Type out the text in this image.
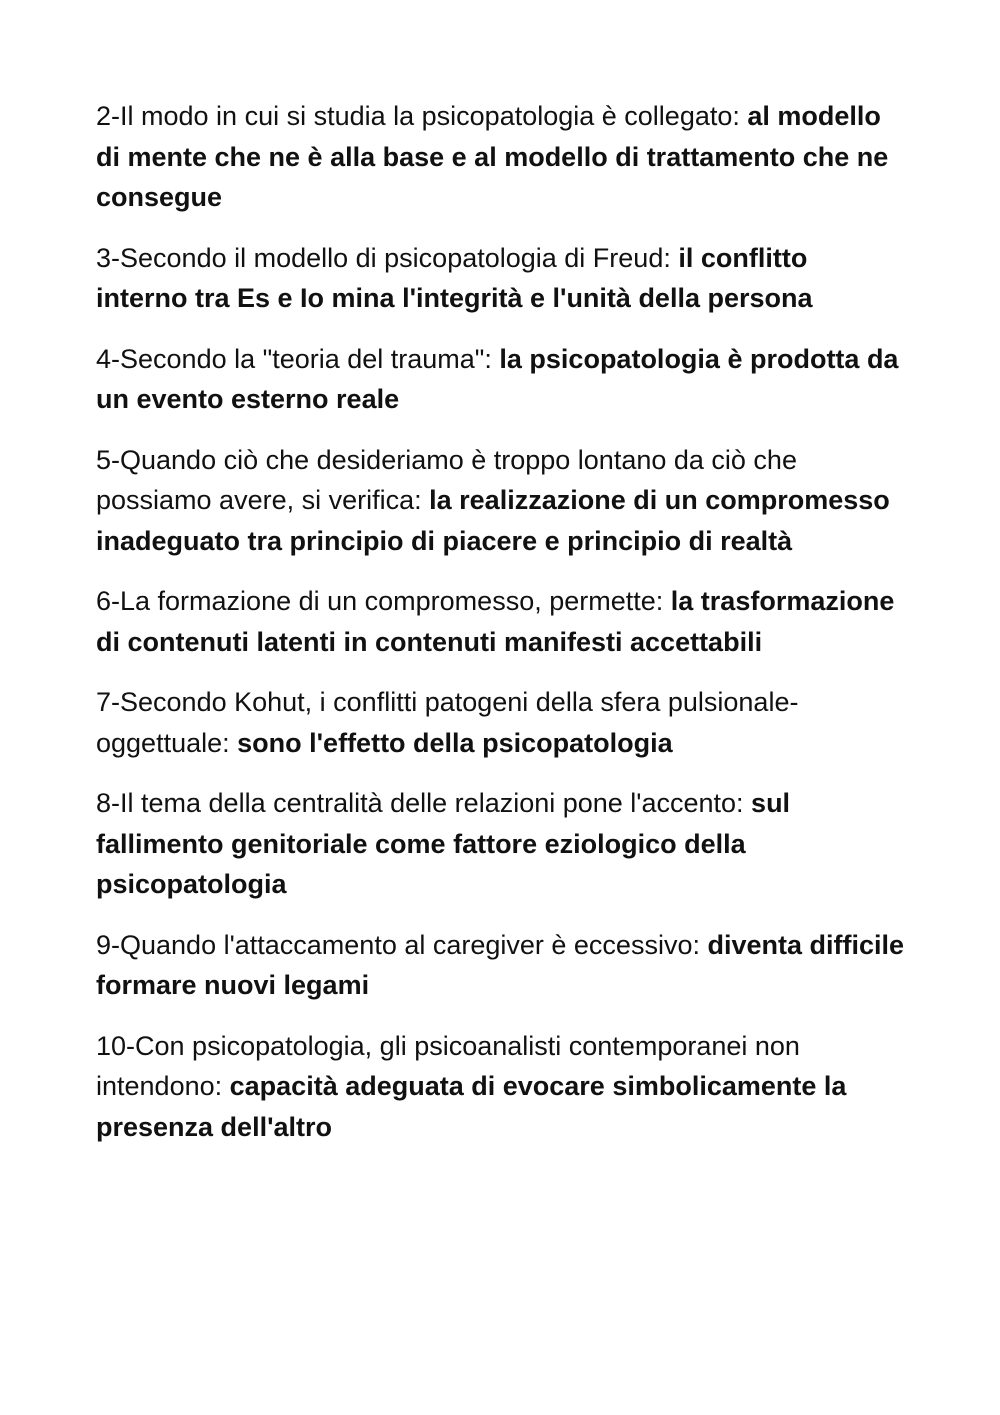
2-Il modo in cui si studia la psicopatologia è collegato: al modello di mente che ne è alla base e al modello di trattamento che ne consegue

3-Secondo il modello di psicopatologia di Freud: il conflitto interno tra Es e Io mina l'integrità e l'unità della persona

4-Secondo la "teoria del trauma": la psicopatologia è prodotta da un evento esterno reale

5-Quando ciò che desideriamo è troppo lontano da ciò che possiamo avere, si verifica: la realizzazione di un compromesso inadeguato tra principio di piacere e principio di realtà

6-La formazione di un compromesso, permette: la trasformazione di contenuti latenti in contenuti manifesti accettabili

7-Secondo Kohut, i conflitti patogeni della sfera pulsionale-oggettuale: sono l'effetto della psicopatologia

8-Il tema della centralità delle relazioni pone l'accento: sul fallimento genitoriale come fattore eziologico della psicopatologia

9-Quando l'attaccamento al caregiver è eccessivo: diventa difficile formare nuovi legami

10-Con psicopatologia, gli psicoanalisti contemporanei non intendono: capacità adeguata di evocare simbolicamente la presenza dell'altro
